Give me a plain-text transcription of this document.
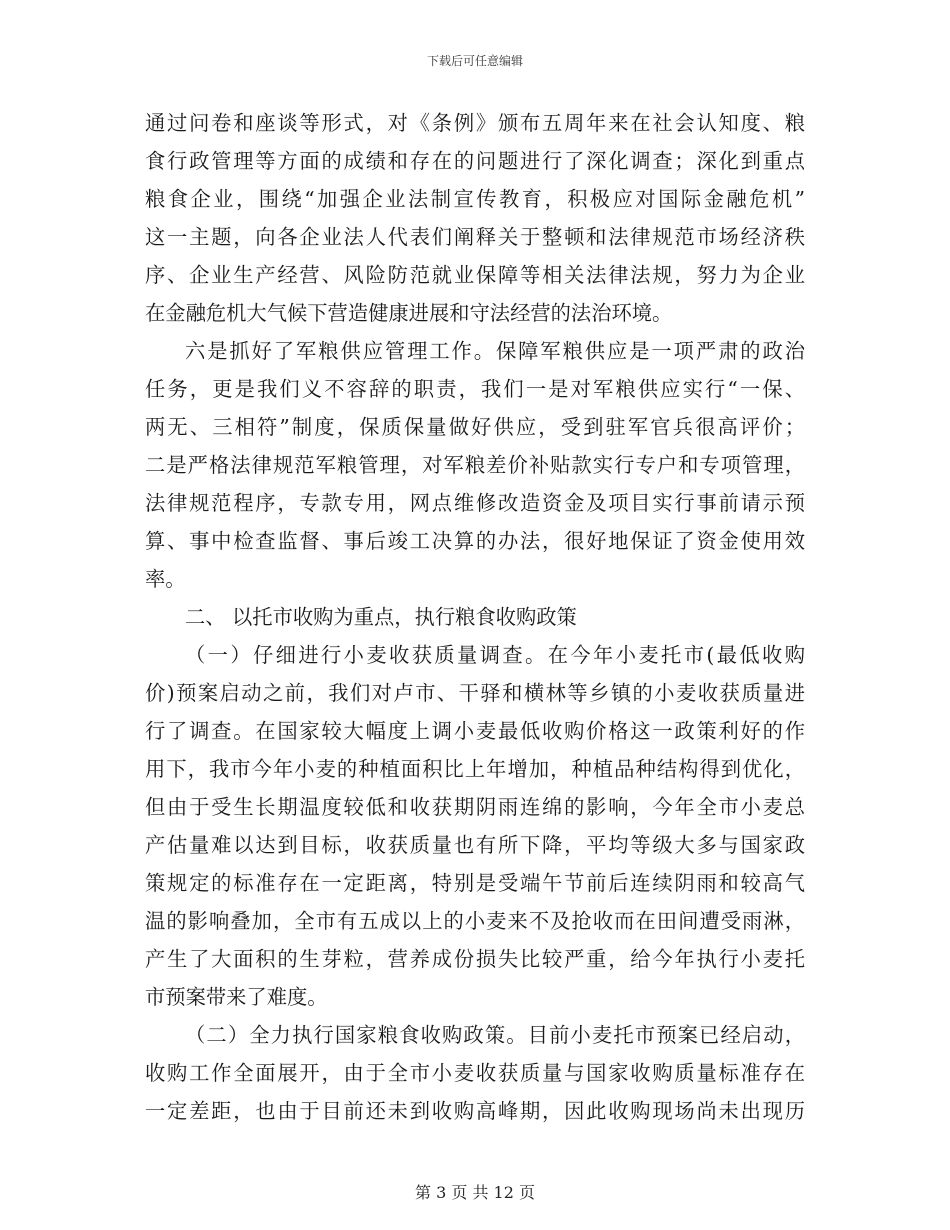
下载后可任意编辑
通过问卷和座谈等形式，对《条例》颁布五周年来在社会认知度、粮
食行政管理等方面的成绩和存在的问题进行了深化调查；深化到重点
粮食企业，围绕“加强企业法制宣传教育，积极应对国际金融危机”
这一主题，向各企业法人代表们阐释关于整顿和法律规范市场经济秩
序、企业生产经营、风险防范就业保障等相关法律法规，努力为企业
在金融危机大气候下营造健康进展和守法经营的法治环境。
六是抓好了军粮供应管理工作。保障军粮供应是一项严肃的政治
任务，更是我们义不容辞的职责，我们一是对军粮供应实行“一保、
两无、三相符”制度，保质保量做好供应，受到驻军官兵很高评价；
二是严格法律规范军粮管理，对军粮差价补贴款实行专户和专项管理，
法律规范程序，专款专用，网点维修改造资金及项目实行事前请示预
算、事中检查监督、事后竣工决算的办法，很好地保证了资金使用效
率。
二、 以托市收购为重点，执行粮食收购政策
（一）仔细进行小麦收获质量调查。在今年小麦托市(最低收购
价)预案启动之前，我们对卢市、干驿和横林等乡镇的小麦收获质量进
行了调查。在国家较大幅度上调小麦最低收购价格这一政策利好的作
用下，我市今年小麦的种植面积比上年增加，种植品种结构得到优化，
但由于受生长期温度较低和收获期阴雨连绵的影响，今年全市小麦总
产估量难以达到目标，收获质量也有所下降，平均等级大多与国家政
策规定的标准存在一定距离，特别是受端午节前后连续阴雨和较高气
温的影响叠加，全市有五成以上的小麦来不及抢收而在田间遭受雨淋，
产生了大面积的生芽粒，营养成份损失比较严重，给今年执行小麦托
市预案带来了难度。
（二）全力执行国家粮食收购政策。目前小麦托市预案已经启动，
收购工作全面展开，由于全市小麦收获质量与国家收购质量标准存在
一定差距，也由于目前还未到收购高峰期，因此收购现场尚未出现历
第 3 页 共 12 页
